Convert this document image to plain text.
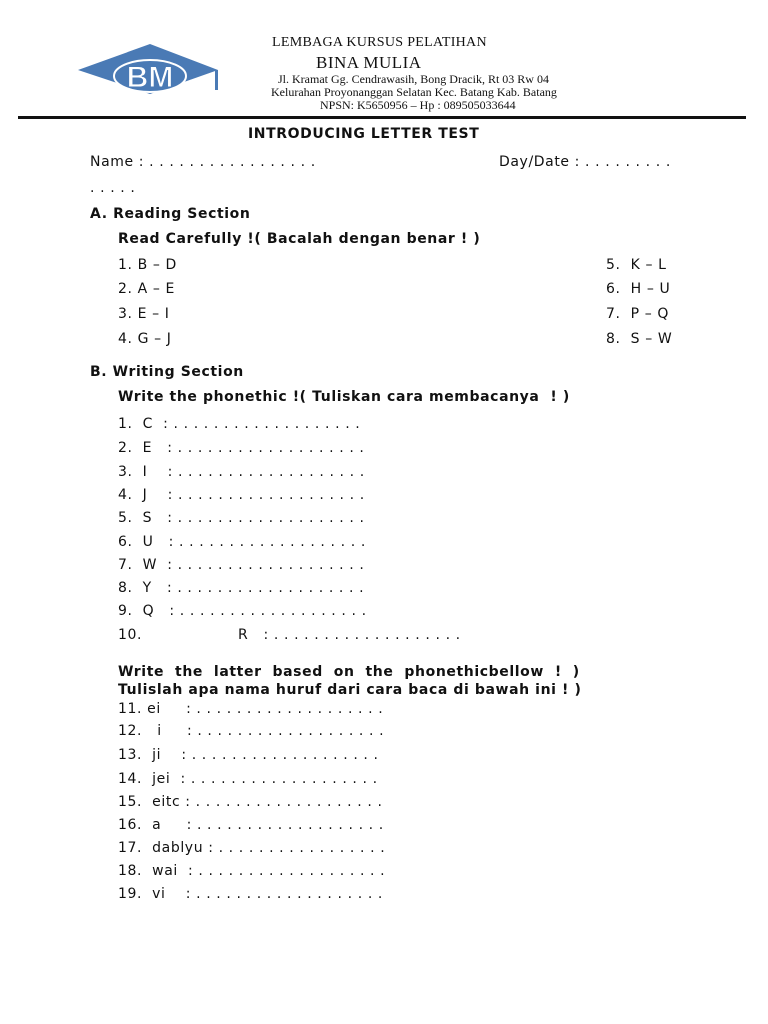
BM
LEMBAGA KURSUS PELATIHAN
BINA MULIA
Jl. Kramat Gg. Cendrawasih, Bong Dracik, Rt 03 Rw 04
Kelurahan Proyonanggan Selatan Kec. Batang Kab. Batang
NPSN: K5650956 – Hp : 089505033644
INTRODUCING LETTER TEST
Name : . . . . . . . . . . . . . . . . .	Day/Date : . . . . . . . . .
. . . . .
A. Reading Section
Read Carefully !( Bacalah dengan benar ! )
1. B – D
2. A – E
3. E – I
4. G – J
5.  K – L
6.  H – U
7.  P – Q
8.  S – W
B. Writing Section
Write the phonethic !( Tuliskan cara membacanya  ! )
1.  C  : . . . . . . . . . . . . . . . . . . .
2.  E   : . . . . . . . . . . . . . . . . . . .
3.  I    : . . . . . . . . . . . . . . . . . . .
4.  J    : . . . . . . . . . . . . . . . . . . .
5.  S   : . . . . . . . . . . . . . . . . . . .
6.  U   : . . . . . . . . . . . . . . . . . . .
7.  W  : . . . . . . . . . . . . . . . . . . .
8.  Y   : . . . . . . . . . . . . . . . . . . .
9.  Q   : . . . . . . . . . . . . . . . . . . .
10.                   R   : . . . . . . . . . . . . . . . . . . .
Write  the  latter  based  on  the  phonethicbellow  !  )
Tulislah apa nama huruf dari cara baca di bawah ini ! )
11. ei     : . . . . . . . . . . . . . . . . . . .
12.   i     : . . . . . . . . . . . . . . . . . . .
13.  ji    : . . . . . . . . . . . . . . . . . . .
14.  jei  : . . . . . . . . . . . . . . . . . . .
15.  eitc : . . . . . . . . . . . . . . . . . . .
16.  a     : . . . . . . . . . . . . . . . . . . .
17.  dablyu : . . . . . . . . . . . . . . . . .
18.  wai  : . . . . . . . . . . . . . . . . . . .
19.  vi    : . . . . . . . . . . . . . . . . . . .
